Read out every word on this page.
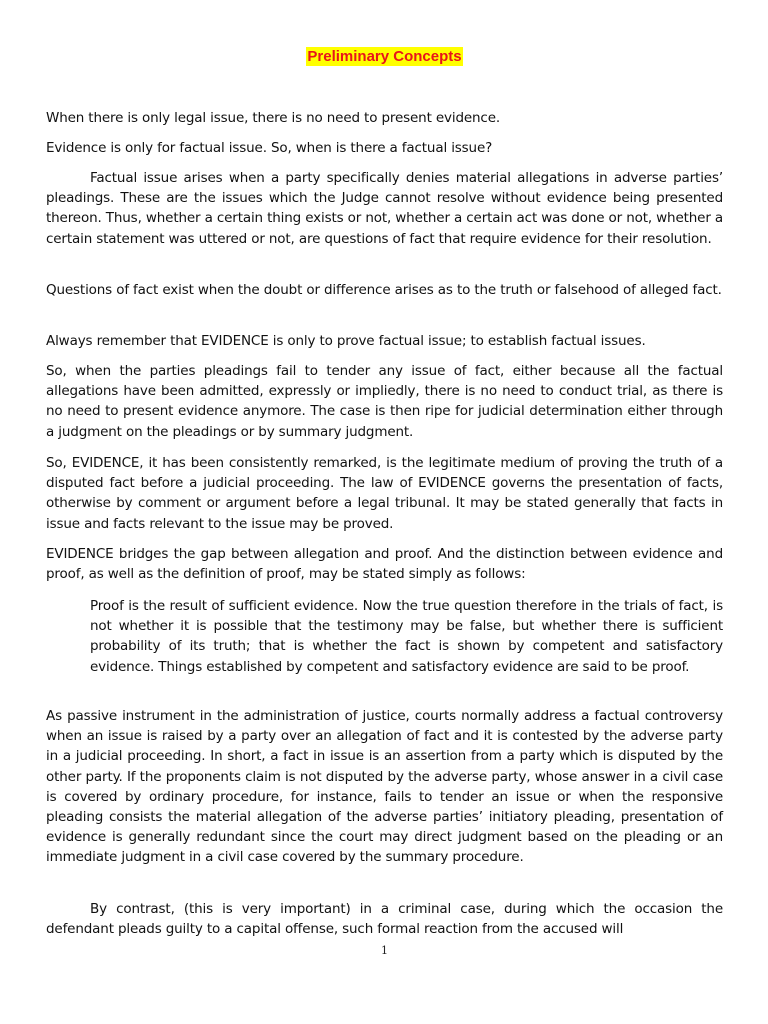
Preliminary Concepts

When there is only legal issue, there is no need to present evidence.

Evidence is only for factual issue. So, when is there a factual issue?

Factual issue arises when a party specifically denies material allegations in adverse parties’ pleadings. These are the issues which the Judge cannot resolve without evidence being presented thereon. Thus, whether a certain thing exists or not, whether a certain act was done or not, whether a certain statement was uttered or not, are questions of fact that require evidence for their resolution.

Questions of fact exist when the doubt or difference arises as to the truth or falsehood of alleged fact.

Always remember that EVIDENCE is only to prove factual issue; to establish factual issues.

So, when the parties pleadings fail to tender any issue of fact, either because all the factual allegations have been admitted, expressly or impliedly, there is no need to conduct trial, as there is no need to present evidence anymore. The case is then ripe for judicial determination either through a judgment on the pleadings or by summary judgment.

So, EVIDENCE, it has been consistently remarked, is the legitimate medium of proving the truth of a disputed fact before a judicial proceeding. The law of EVIDENCE governs the presentation of facts, otherwise by comment or argument before a legal tribunal. It may be stated generally that facts in issue and facts relevant to the issue may be proved.

EVIDENCE bridges the gap between allegation and proof. And the distinction between evidence and proof, as well as the definition of proof, may be stated simply as follows:

Proof is the result of sufficient evidence. Now the true question therefore in the trials of fact, is not whether it is possible that the testimony may be false, but whether there is sufficient probability of its truth; that is whether the fact is shown by competent and satisfactory evidence. Things established by competent and satisfactory evidence are said to be proof.

As passive instrument in the administration of justice, courts normally address a factual controversy when an issue is raised by a party over an allegation of fact and it is contested by the adverse party in a judicial proceeding. In short, a fact in issue is an assertion from a party which is disputed by the other party. If the proponents claim is not disputed by the adverse party, whose answer in a civil case is covered by ordinary procedure, for instance, fails to tender an issue or when the responsive pleading consists the material allegation of the adverse parties’ initiatory pleading, presentation of evidence is generally redundant since the court may direct judgment based on the pleading or an immediate judgment in a civil case covered by the summary procedure.

By contrast, (this is very important) in a criminal case, during which the occasion the defendant pleads guilty to a capital offense, such formal reaction from the accused will

1
